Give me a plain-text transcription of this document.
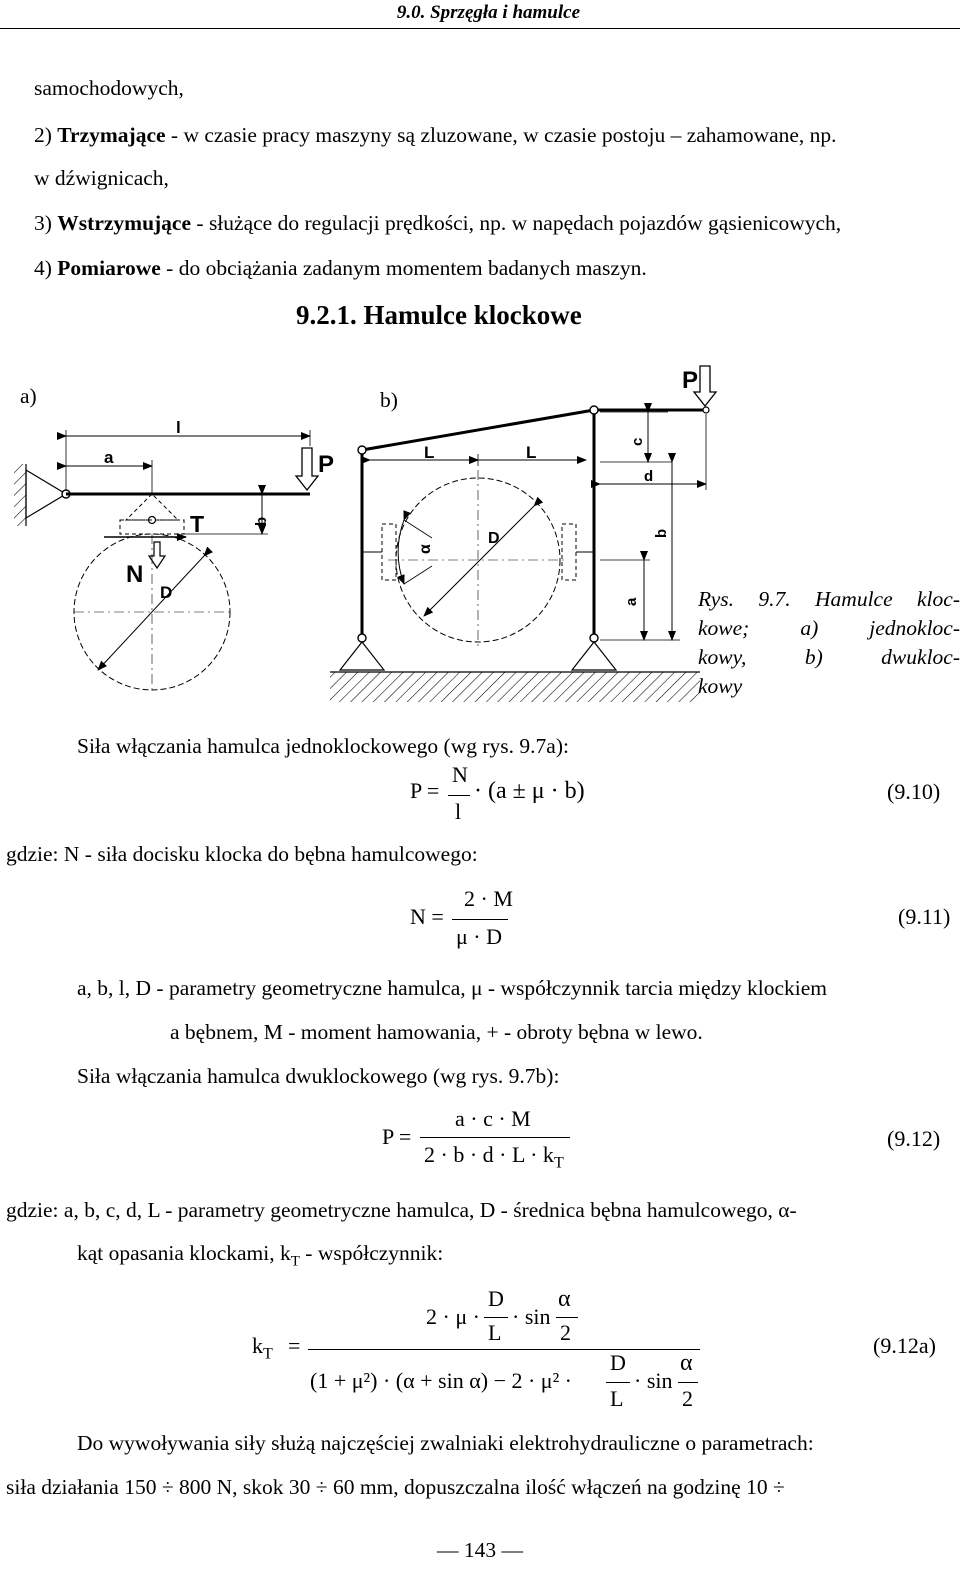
9.0. Sprzęgła i hamulce
samochodowych,
2) Trzymające - w czasie pracy maszyny są zluzowane, w czasie postoju – zahamowane, np.
w dźwignicach,
3) Wstrzymujące - służące do regulacji prędkości, np. w napędach pojazdów gąsienicowych,
4) Pomiarowe - do obciążania zadanym momentem badanych maszyn.
9.2.1. Hamulce klockowe
a)	b)
l
a	P
b
T
N
D
L	L
P
c
d
b
a
D
α
Rys. 9.7. Hamulce kloc-
kowe; a) jednokloc-
kowy, b) dwukloc-
kowy
Siła włączania hamulca jednoklockowego (wg rys. 9.7a):
P =
N
l
· (a ± μ · b)	(9.10)
gdzie: N - siła docisku klocka do bębna hamulcowego:
N =
2 · M
μ · D
(9.11)
a, b, l, D - parametry geometryczne hamulca, μ - współczynnik tarcia między klockiem
a bębnem, M - moment hamowania, + - obroty bębna w lewo.
Siła włączania hamulca dwuklockowego (wg rys. 9.7b):
P =
a · c · M
$2 \cdot b \cdot d \cdot L \cdot k_T$
(9.12)
gdzie: a, b, c, d, L - parametry geometryczne hamulca, D - średnica bębna hamulcowego, α-
kąt opasania klockami, $k_T$ - współczynnik:
$k_T$ =
2 · μ ·
D
L
· sin
α
2
(1 + μ²) · (α + sin α) − 2 · μ² ·
D
L
· sin
α
2
(9.12a)
Do wywoływania siły służą najczęściej zwalniaki elektrohydrauliczne o parametrach:
siła działania 150 ÷ 800 N, skok 30 ÷ 60 mm, dopuszczalna ilość włączeń na godzinę 10 ÷
— 143 —
